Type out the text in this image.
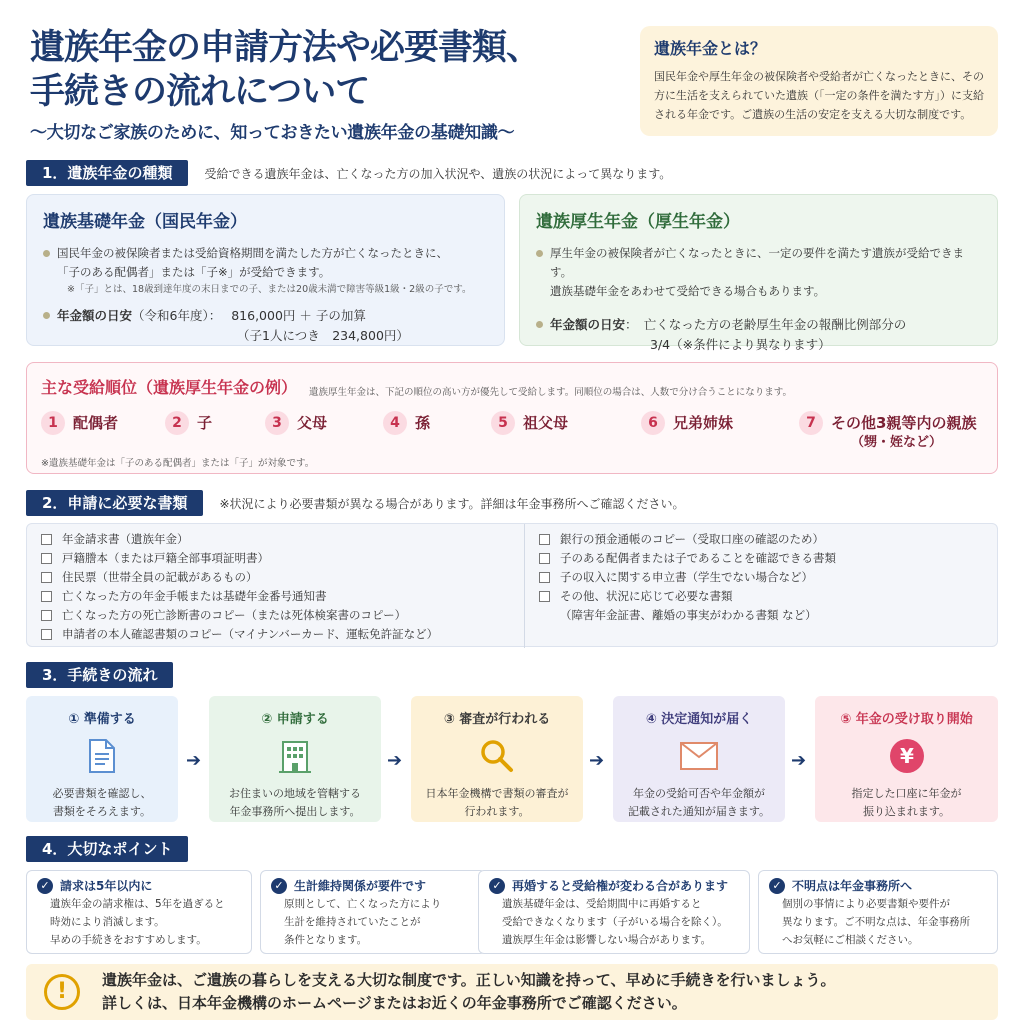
遺族年金の申請方法や必要書類、
手続きの流れについて
〜大切なご家族のために、知っておきたい遺族年金の基礎知識〜
遺族年金とは？

国民年金や厚生年金の被保険者や受給者が亡くなったときに、その方に生活を支えられていた遺族（「一定の条件を満たす方」）に支給される年金です。ご遺族の生活の安定を支える大切な制度です。

1．遺族年金の種類	受給できる遺族年金は、亡くなった方の加入状況や、遺族の状況によって異なります。
遺族基礎年金（国民年金）
国民年金の被保険者または受給資格期間を満たした方が亡くなったときに、
「子のある配偶者」または「子※」が受給できます。
※「子」とは、18歳到達年度の末日までの子、または20歳未満で障害等級1級・2級の子です。
年金額の日安（令和6年度）： 816,000円 ＋ 子の加算
（子1人につき　234,800円）
遺族厚生年金（厚生年金）
厚生年金の被保険者が亡くなったときに、一定の要件を満たす遺族が受給できます。
遺族基礎年金をあわせて受給できる場合もあります。
年金額の日安：　亡くなった方の老齢厚生年金の報酬比例部分の
3/4（※条件により異なります）
主な受給順位（遺族厚生年金の例） 遺族厚生年金は、下記の順位の高い方が優先して受給します。同順位の場合は、人数で分け合うことになります。
1	配偶者	2	子	3	父母	4	孫	5	祖父母	6	兄弟姉妹	7	その他3親等内の親族
（甥・姪など）
※遺族基礎年金は「子のある配偶者」または「子」が対象です。
2．申請に必要な書類	※状況により必要書類が異なる場合があります。詳細は年金事務所へご確認ください。
年金請求書（遺族年金）
戸籍謄本（または戸籍全部事項証明書）
住民票（世帯全員の記載があるもの）
亡くなった方の年金手帳または基礎年金番号通知書
亡くなった方の死亡診断書のコピー（または死体検案書のコピー）
申請者の本人確認書類のコピー（マイナンバーカード、運転免許証など）
銀行の預金通帳のコピー（受取口座の確認のため）
子のある配偶者または子であることを確認できる書類
子の収入に関する申立書（学生でない場合など）
その他、状況に応じて必要な書類
（障害年金証書、離婚の事実がわかる書類 など）
3．手続きの流れ
① 準備する

必要書類を確認し、
書類をそろえます。

➔
② 申請する

お住まいの地域を管轄する
年金事務所へ提出します。

➔
③ 審査が行われる

日本年金機構で書類の審査が
行われます。

➔
④ 決定通知が届く

年金の受給可否や年金額が
記載された通知が届きます。

➔
⑤ 年金の受け取り開始
¥

指定した口座に年金が
振り込まれます。

4．大切なポイント
✓ 請求は5年以内に

遺族年金の請求権は、5年を過ぎると
時効により消滅します。
早めの手続きをおすすめします。

✓ 生計維持関係が要件です

原則として、亡くなった方により
生計を維持されていたことが
条件となります。

✓ 再婚すると受給権が変わる合があります

遺族基礎年金は、受給期間中に再婚すると
受給できなくなります（子がいる場合を除く）。
遺族厚生年金は影響しない場合があります。

✓ 不明点は年金事務所へ

個別の事情により必要書類や要件が
異なります。ご不明な点は、年金事務所
へお気軽にご相談ください。

!	遺族年金は、ご遺族の暮らしを支える大切な制度です。正しい知識を持って、早めに手続きを行いましょう。
詳しくは、日本年金機構のホームページまたはお近くの年金事務所でご確認ください。
